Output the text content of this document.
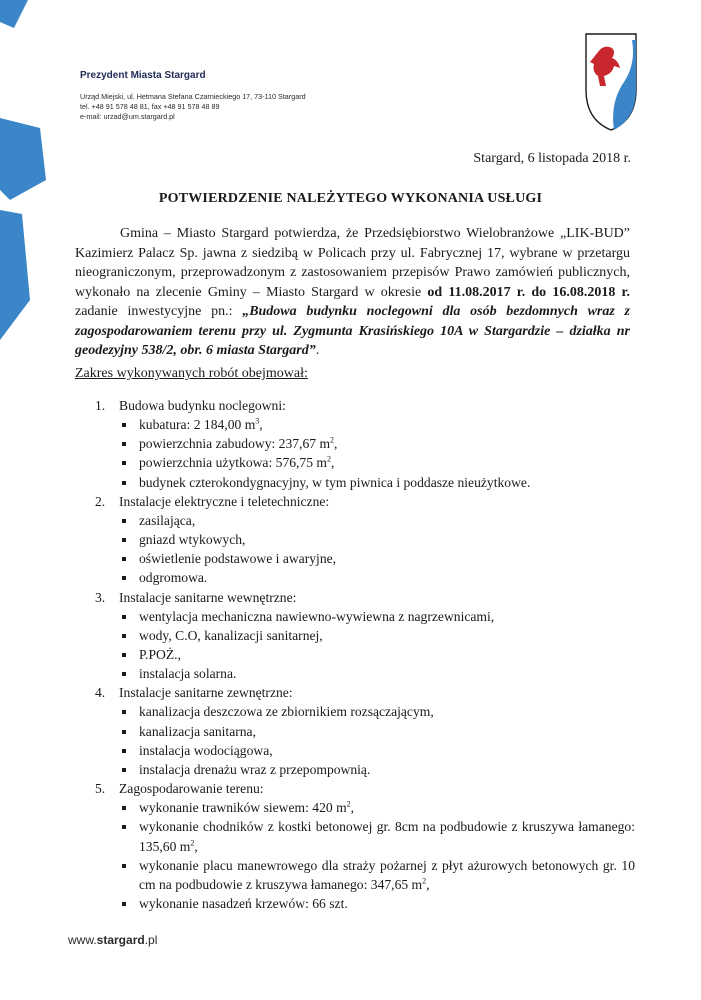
Prezydent Miasta Stargard
Urząd Miejski, ul. Hetmana Stefana Czarnieckiego 17, 73-110 Stargard
tel. +48 91 578 48 81, fax +48 91 578 48 89
e-mail: urzad@um.stargard.pl
Stargard, 6 listopada 2018 r.
POTWIERDZENIE NALEŻYTEGO WYKONANIA USŁUGI
Gmina – Miasto Stargard potwierdza, że Przedsiębiorstwo Wielobranżowe „LIK-BUD” Kazimierz Palacz Sp. jawna z siedzibą w Policach przy ul. Fabrycznej 17, wybrane w przetargu nieograniczonym, przeprowadzonym z zastosowaniem przepisów Prawo zamówień publicznych, wykonało na zlecenie Gminy – Miasto Stargard w okresie od 11.08.2017 r. do 16.08.2018 r. zadanie inwestycyjne pn.: „Budowa budynku noclegowni dla osób bezdomnych wraz z zagospodarowaniem terenu przy ul. Zygmunta Krasińskiego 10A w Stargardzie – działka nr geodezyjny 538/2, obr. 6 miasta Stargard”.
Zakres wykonywanych robót obejmował:
1. Budowa budynku noclegowni:
kubatura: 2 184,00 $m^3$,
powierzchnia zabudowy: 237,67 $m^2$,
powierzchnia użytkowa: 576,75 $m^2$,
budynek czterokondygnacyjny, w tym piwnica i poddasze nieużytkowe.
2. Instalacje elektryczne i teletechniczne:
zasilająca,
gniazd wtykowych,
oświetlenie podstawowe i awaryjne,
odgromowa.
3. Instalacje sanitarne wewnętrzne:
wentylacja mechaniczna nawiewno-wywiewna z nagrzewnicami,
wody, C.O, kanalizacji sanitarnej,
P.POŻ.,
instalacja solarna.
4. Instalacje sanitarne zewnętrzne:
kanalizacja deszczowa ze zbiornikiem rozsączającym,
kanalizacja sanitarna,
instalacja wodociągowa,
instalacja drenażu wraz z przepompownią.
5. Zagospodarowanie terenu:
wykonanie trawników siewem: 420 $m^2$,
wykonanie chodników z kostki betonowej gr. 8cm na podbudowie z kruszywa łamanego: 135,60 $m^2$,
wykonanie placu manewrowego dla straży pożarnej z płyt ażurowych betonowych gr. 10 cm na podbudowie z kruszywa łamanego: 347,65 $m^2$,
wykonanie nasadzeń krzewów: 66 szt.
www.stargard.pl
